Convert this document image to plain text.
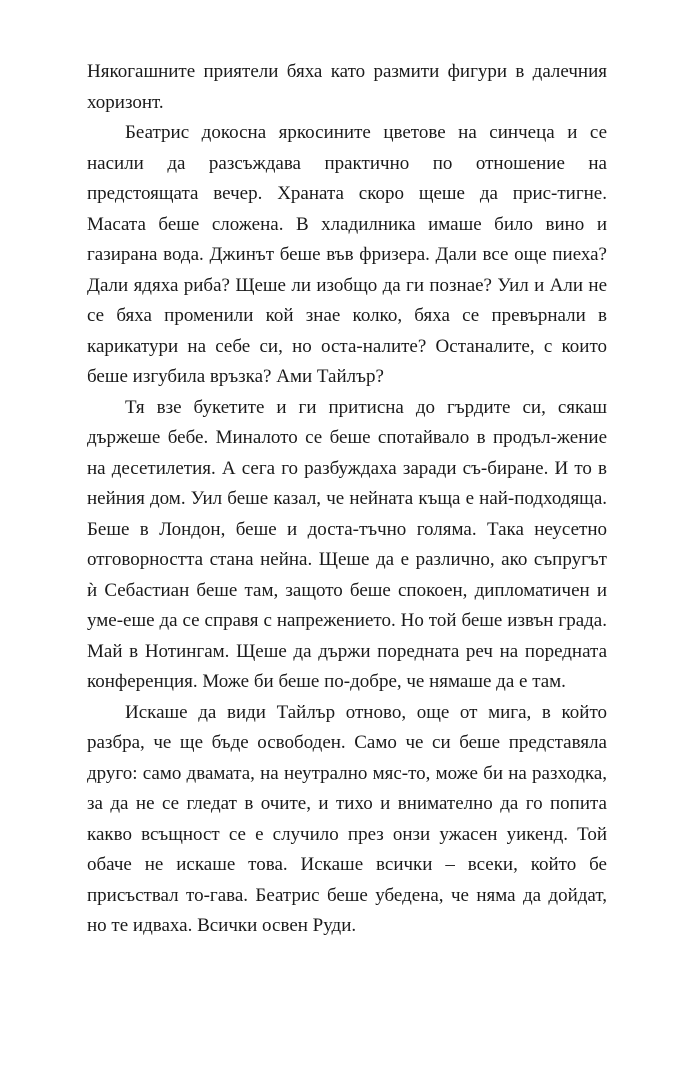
Някогашните приятели бяха като размити фигури в далечния хоризонт.

Беатрис докосна яркосините цветове на синчеца и се насили да разсъждава практично по отношение на предстоящата вечер. Храната скоро щеше да прис-тигне. Масата беше сложена. В хладилника имаше било вино и газирана вода. Джинът беше във фризера. Дали все още пиеха? Дали ядяха риба? Щеше ли изобщо да ги познае? Уил и Али не се бяха променили кой знае колко, бяха се превърнали в карикатури на себе си, но оста-налите? Останалите, с които беше изгубила връзка? Ами Тайлър?

Тя взе букетите и ги притисна до гърдите си, сякаш държеше бебе. Миналото се беше спотайвало в продъл-жение на десетилетия. А сега го разбуждаха заради съ-биране. И то в нейния дом. Уил беше казал, че нейната къща е най-подходяща. Беше в Лондон, беше и доста-тъчно голяма. Така неусетно отговорността стана нейна. Щеше да е различно, ако съпругът ѝ Себастиан беше там, защото беше спокоен, дипломатичен и уме-еше да се справя с напрежението. Но той беше извън града. Май в Нотингам. Щеше да държи поредната реч на поредната конференция. Може би беше по-добре, че нямаше да е там.

Искаше да види Тайлър отново, още от мига, в който разбра, че ще бъде освободен. Само че си беше представяла друго: само двамата, на неутрално мяс-то, може би на разходка, за да не се гледат в очите, и тихо и внимателно да го попита какво всъщност се е случило през онзи ужасен уикенд. Той обаче не искаше това. Искаше всички – всеки, който бе присъствал то-гава. Беатрис беше убедена, че няма да дойдат, но те идваха. Всички освен Руди.
